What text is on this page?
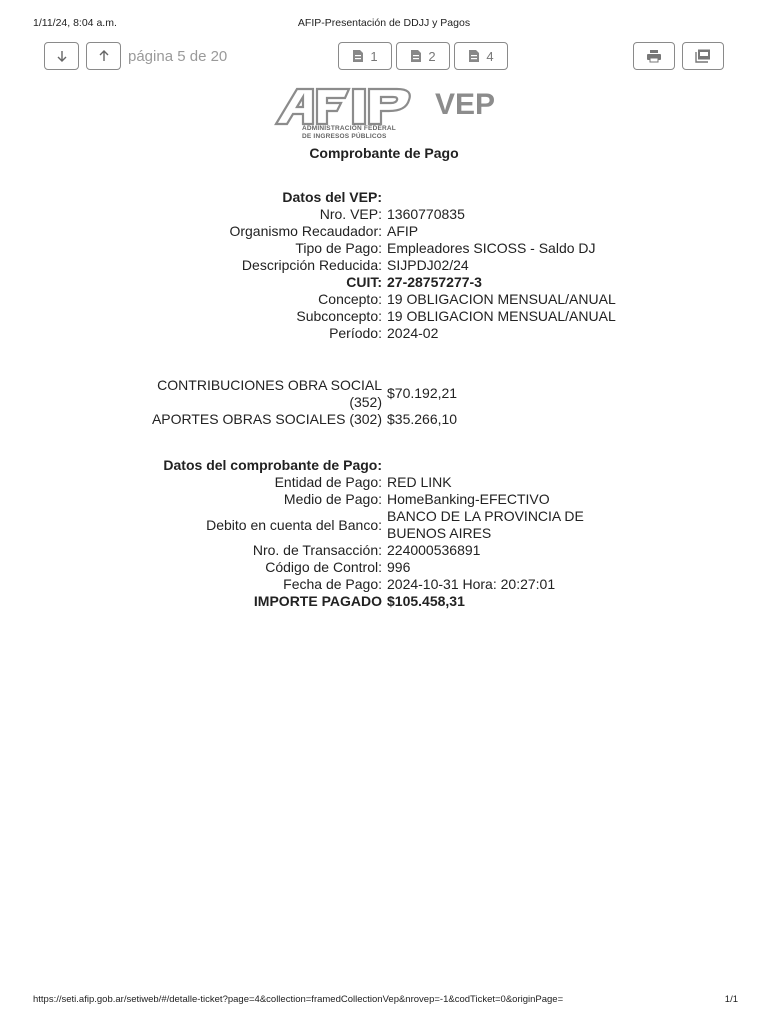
1/11/24, 8:04 a.m.	AFIP-Presentación de DDJJ y Pagos
https://seti.afip.gob.ar/setiweb/#/detalle-ticket?page=4&collection=framedCollectionVep&nrovep=-1&codTicket=0&originPage=	1/1
página 5 de 20	1	2	4
VEP
ADMINISTRACIÓN FEDERAL
DE INGRESOS PÚBLICOS
Comprobante de Pago
Datos del VEP:
Nro. VEP: 1360770835
Organismo Recaudador: AFIP
Tipo de Pago: Empleadores SICOSS - Saldo DJ
Descripción Reducida: SIJPDJ02/24
CUIT: 27-28757277-3
Concepto: 19 OBLIGACION MENSUAL/ANUAL
Subconcepto: 19 OBLIGACION MENSUAL/ANUAL
Período: 2024-02
CONTRIBUCIONES OBRA SOCIAL
(352)
$70.192,21
APORTES OBRAS SOCIALES (302) $35.266,10
Datos del comprobante de Pago:
Entidad de Pago: RED LINK
Medio de Pago: HomeBanking-EFECTIVO
Debito en cuenta del Banco:
BANCO DE LA PROVINCIA DE
BUENOS AIRES
Nro. de Transacción: 224000536891
Código de Control: 996
Fecha de Pago: 2024-10-31 Hora: 20:27:01
IMPORTE PAGADO $105.458,31
